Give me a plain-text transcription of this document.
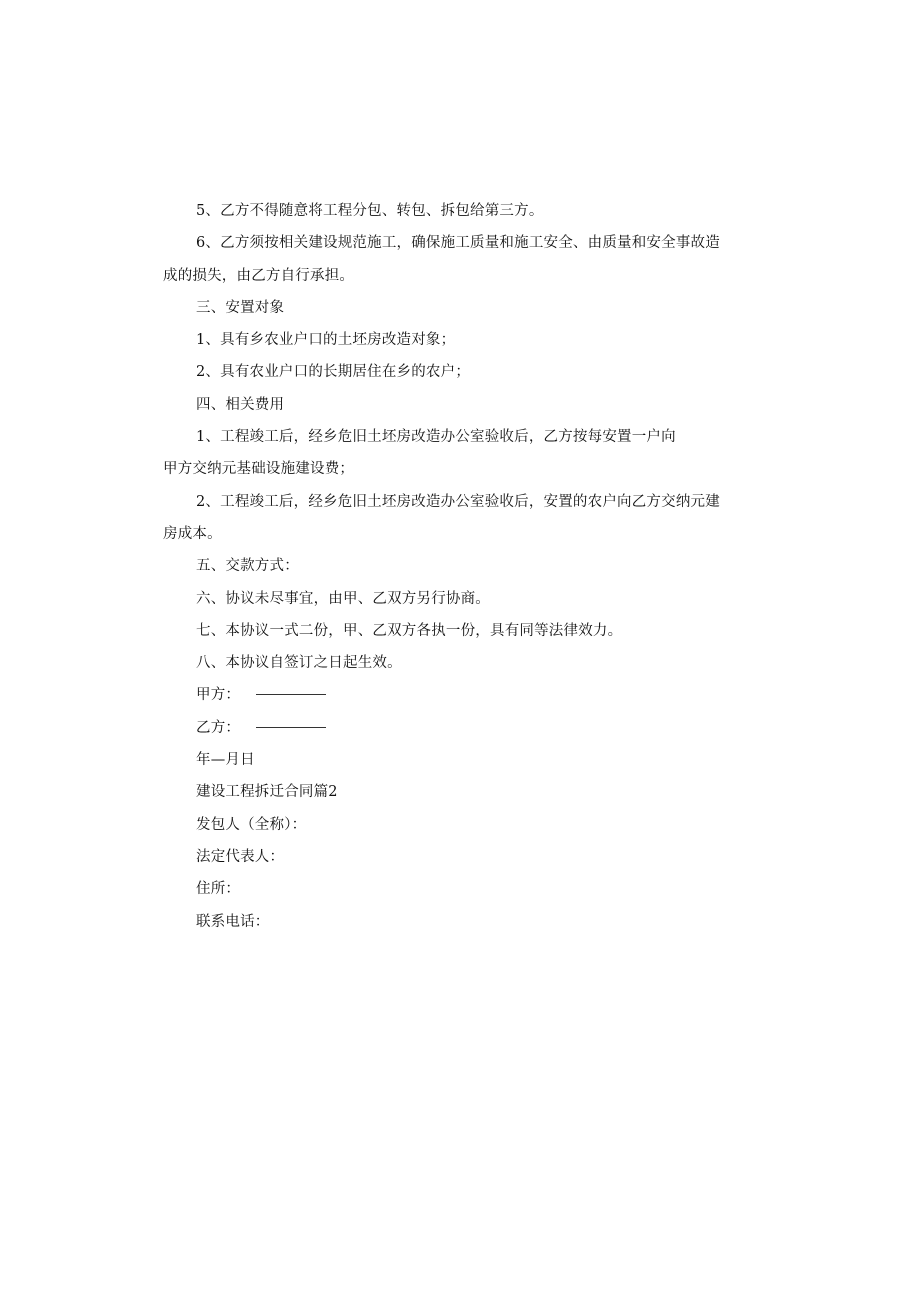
5、乙方不得随意将工程分包、转包、拆包给第三方。

6、乙方须按相关建设规范施工，确保施工质量和施工安全、由质量和安全事故造

成的损失，由乙方自行承担。

三、安置对象

1、具有乡农业户口的土坯房改造对象；

2、具有农业户口的长期居住在乡的农户；

四、相关费用

1、工程竣工后，经乡危旧土坯房改造办公室验收后，乙方按每安置一户向

甲方交纳元基础设施建设费；

2、工程竣工后，经乡危旧土坯房改造办公室验收后，安置的农户向乙方交纳元建

房成本。

五、交款方式：

六、协议未尽事宜，由甲、乙双方另行协商。

七、本协议一式二份，甲、乙双方各执一份，具有同等法律效力。

八、本协议自签订之日起生效。

甲方：

乙方：

年—月日

建设工程拆迁合同篇2

发包人（全称）：

法定代表人：

住所：

联系电话：
